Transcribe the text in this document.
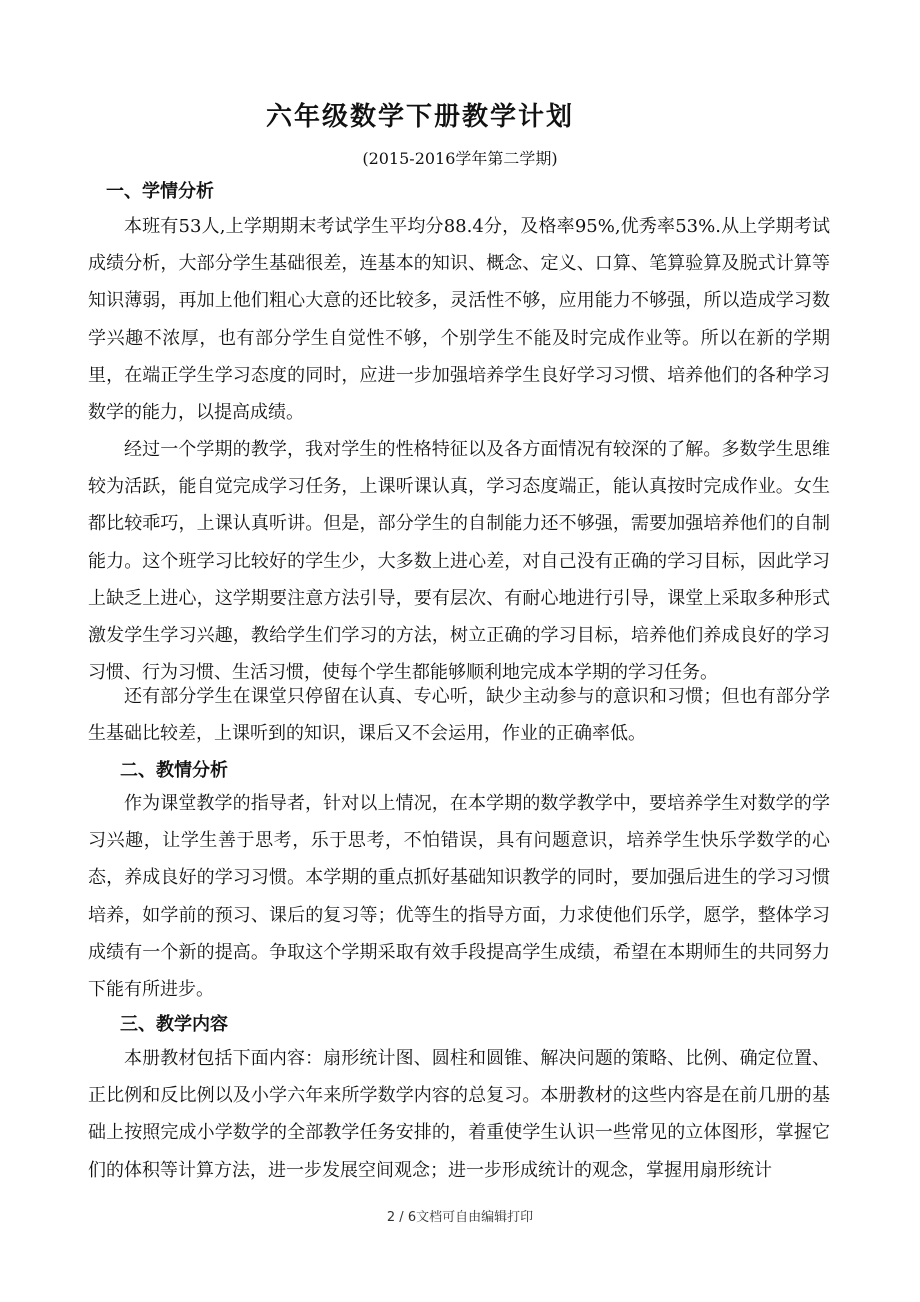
六年级数学下册教学计划
(2015-2016学年第二学期)
一、学情分析
本班有53人,上学期期末考试学生平均分88.4分，及格率95%,优秀率53%.从上学期考试成绩分析，大部分学生基础很差，连基本的知识、概念、定义、口算、笔算验算及脱式计算等知识薄弱，再加上他们粗心大意的还比较多，灵活性不够，应用能力不够强，所以造成学习数学兴趣不浓厚，也有部分学生自觉性不够，个别学生不能及时完成作业等。所以在新的学期里，在端正学生学习态度的同时，应进一步加强培养学生良好学习习惯、培养他们的各种学习数学的能力，以提高成绩。
经过一个学期的教学，我对学生的性格特征以及各方面情况有较深的了解。多数学生思维较为活跃，能自觉完成学习任务，上课听课认真，学习态度端正，能认真按时完成作业。女生都比较乖巧，上课认真听讲。但是，部分学生的自制能力还不够强，需要加强培养他们的自制能力。这个班学习比较好的学生少，大多数上进心差，对自己没有正确的学习目标，因此学习上缺乏上进心，这学期要注意方法引导，要有层次、有耐心地进行引导，课堂上采取多种形式激发学生学习兴趣，教给学生们学习的方法，树立正确的学习目标，培养他们养成良好的学习习惯、行为习惯、生活习惯，使每个学生都能够顺利地完成本学期的学习任务。
还有部分学生在课堂只停留在认真、专心听，缺少主动参与的意识和习惯；但也有部分学生基础比较差，上课听到的知识，课后又不会运用，作业的正确率低。
二、教情分析
作为课堂教学的指导者，针对以上情况，在本学期的数学教学中，要培养学生对数学的学习兴趣，让学生善于思考，乐于思考，不怕错误，具有问题意识，培养学生快乐学数学的心态，养成良好的学习习惯。本学期的重点抓好基础知识教学的同时，要加强后进生的学习习惯培养，如学前的预习、课后的复习等；优等生的指导方面，力求使他们乐学，愿学，整体学习成绩有一个新的提高。争取这个学期采取有效手段提高学生成绩，希望在本期师生的共同努力下能有所进步。
三、教学内容
本册教材包括下面内容：扇形统计图、圆柱和圆锥、解决问题的策略、比例、确定位置、正比例和反比例以及小学六年来所学数学内容的总复习。本册教材的这些内容是在前几册的基础上按照完成小学数学的全部教学任务安排的，着重使学生认识一些常见的立体图形，掌握它们的体积等计算方法，进一步发展空间观念；进一步形成统计的观念，掌握用扇形统计
2 / 6文档可自由编辑打印
